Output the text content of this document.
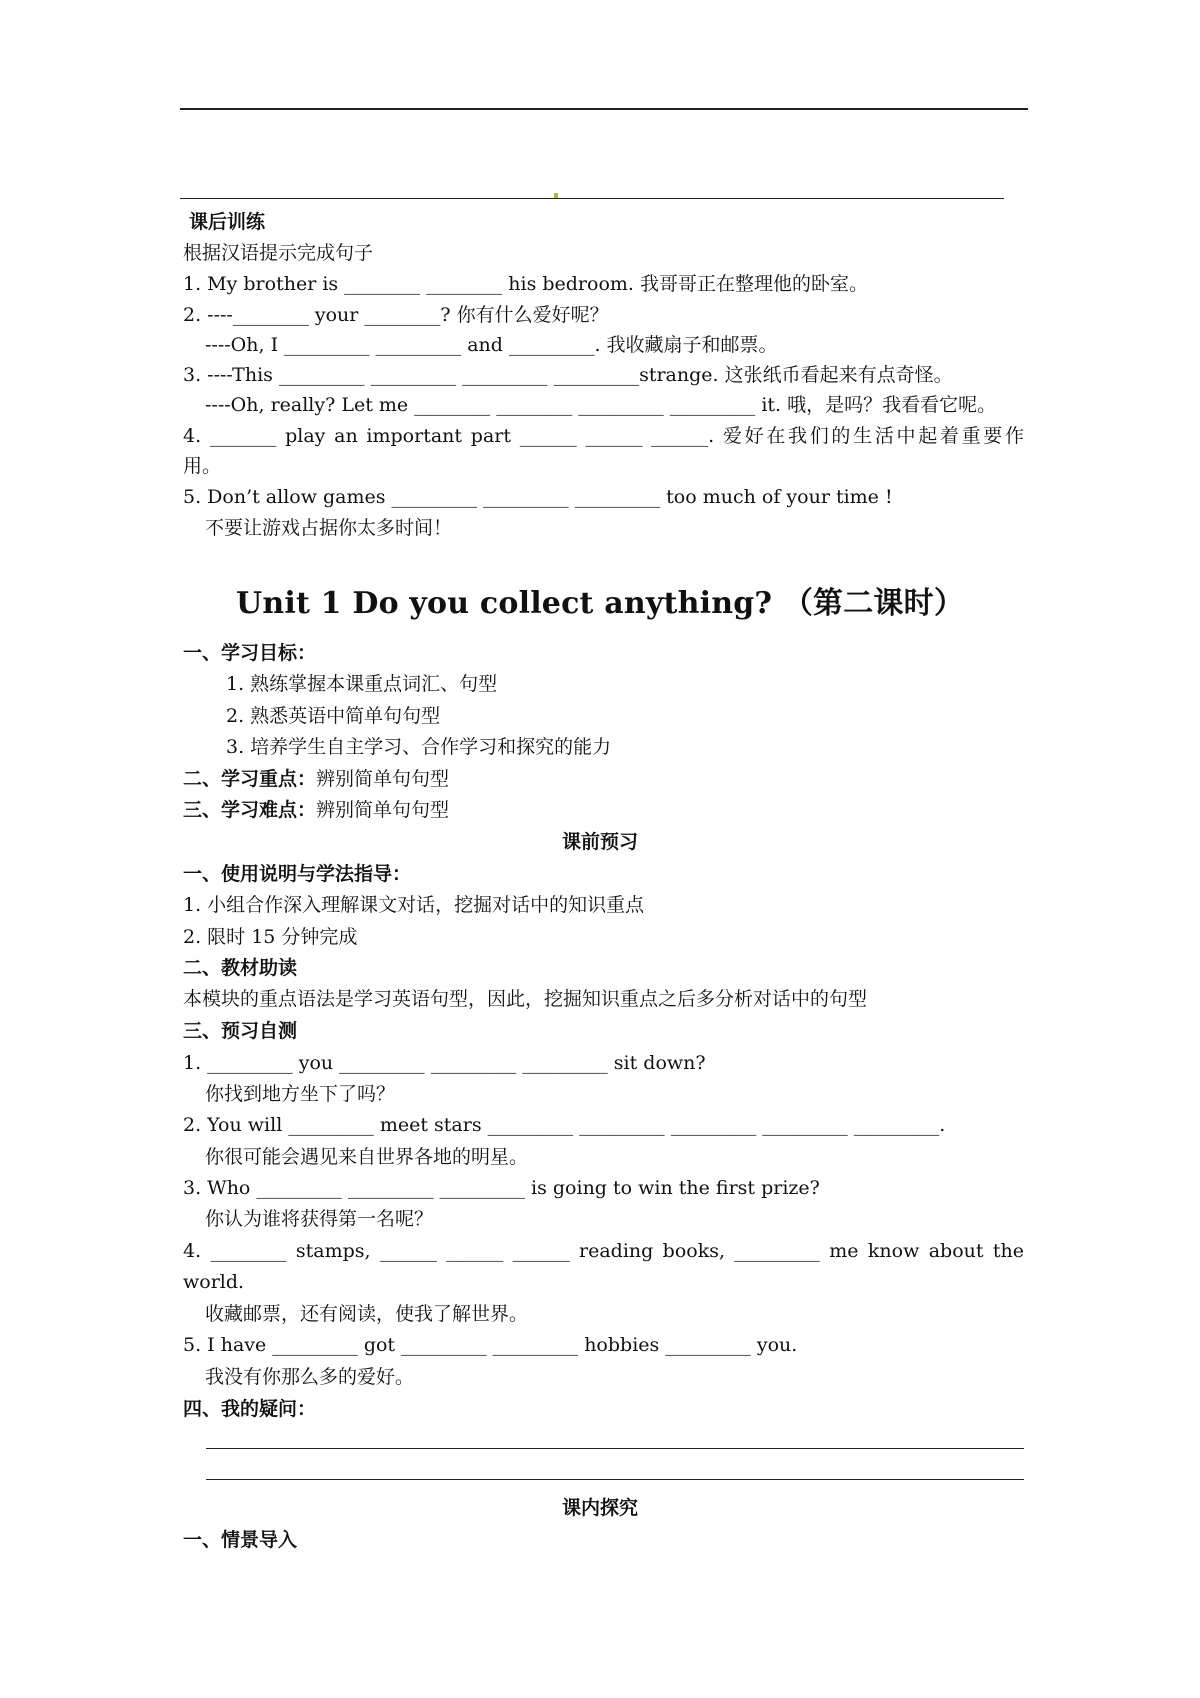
课后训练
根据汉语提示完成句子
1. My brother is ________ ________ his bedroom. 我哥哥正在整理他的卧室。
2. ----________ your ________? 你有什么爱好呢？
----Oh, I _________ _________ and _________. 我收藏扇子和邮票。
3. ----This _________ _________ _________ _________strange. 这张纸币看起来有点奇怪。
----Oh, really? Let me ________ ________ _________ _________ it. 哦，是吗？我看看它呢。
4. _______ play an important part ______ ______ ______. 爱好在我们的生活中起着重要作
用。
5. Don’t allow games _________ _________ _________ too much of your time !
不要让游戏占据你太多时间！
Unit 1 Do you collect anything? （第二课时）
一、学习目标：
1. 熟练掌握本课重点词汇、句型
2. 熟悉英语中简单句句型
3. 培养学生自主学习、合作学习和探究的能力
二、学习重点：辨别简单句句型
三、学习难点：辨别简单句句型
课前预习
一、使用说明与学法指导：
1. 小组合作深入理解课文对话，挖掘对话中的知识重点
2. 限时 15 分钟完成
二、教材助读
本模块的重点语法是学习英语句型，因此，挖掘知识重点之后多分析对话中的句型
三、预习自测
1. _________ you _________ _________ _________ sit down?
你找到地方坐下了吗？
2. You will _________ meet stars _________ _________ _________ _________ _________.
你很可能会遇见来自世界各地的明星。
3. Who _________ _________ _________ is going to win the first prize?
你认为谁将获得第一名呢？
4. ________ stamps, ______ ______ ______ reading books, _________ me know about the
world.
收藏邮票，还有阅读，使我了解世界。
5. I have _________ got _________ _________ hobbies _________ you.
我没有你那么多的爱好。
四、我的疑问：
课内探究
一、情景导入
